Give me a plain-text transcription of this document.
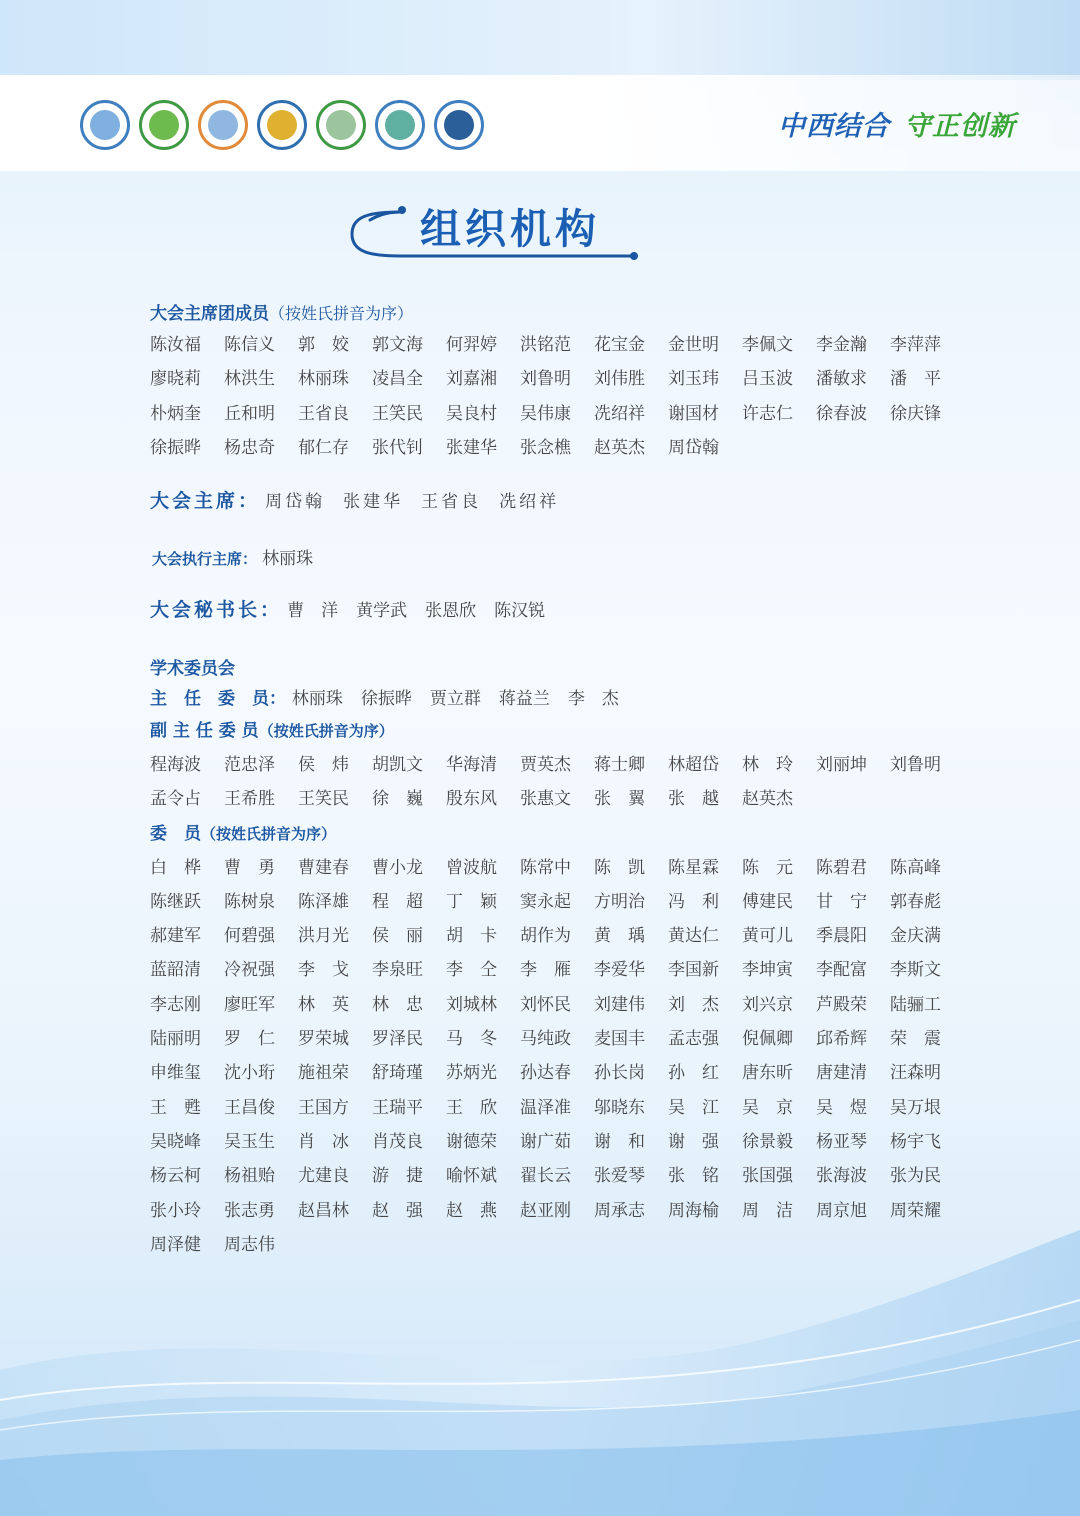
中西结合 守正创新
组织机构

大会主席团成员（按姓氏拼音为序）

陈汝福	陈信义	郭　姣	郭文海	何羿婷	洪铭范	花宝金	金世明	李佩文	李金瀚	李萍萍
廖晓莉	林洪生	林丽珠	凌昌全	刘嘉湘	刘鲁明	刘伟胜	刘玉玮	吕玉波	潘敏求	潘　平
朴炳奎	丘和明	王省良	王笑民	吴良村	吴伟康	冼绍祥	谢国材	许志仁	徐春波	徐庆锋
徐振晔	杨忠奇	郁仁存	张代钊	张建华	张念樵	赵英杰	周岱翰
大会主席： 周岱翰 张建华 王省良 冼绍祥
大会执行主席： 林丽珠
大会秘书长： 曹　洋 黄学武 张恩欣 陈汉锐

学术委员会

主　任　委　员： 林丽珠 徐振晔 贾立群 蒋益兰 李　杰

副 主 任 委 员（按姓氏拼音为序）

程海波	范忠泽	侯　炜	胡凯文	华海清	贾英杰	蒋士卿	林超岱	林　玲	刘丽坤	刘鲁明
孟令占	王希胜	王笑民	徐　巍	殷东风	张惠文	张　翼	张　越	赵英杰

委　员（按姓氏拼音为序）

白　桦	曹　勇	曹建春	曹小龙	曾波航	陈常中	陈　凯	陈星霖	陈　元	陈碧君	陈高峰
陈继跃	陈树泉	陈泽雄	程　超	丁　颖	窦永起	方明治	冯　利	傅建民	甘　宁	郭春彪
郝建军	何碧强	洪月光	侯　丽	胡　卡	胡作为	黄　瑀	黄达仁	黄可儿	季晨阳	金庆满
蓝韶清	冷祝强	李　戈	李泉旺	李　仝	李　雁	李爱华	李国新	李坤寅	李配富	李斯文
李志刚	廖旺军	林　英	林　忠	刘城林	刘怀民	刘建伟	刘　杰	刘兴京	芦殿荣	陆骊工
陆丽明	罗　仁	罗荣城	罗泽民	马　冬	马纯政	麦国丰	孟志强	倪佩卿	邱希辉	荣　震
申维玺	沈小珩	施祖荣	舒琦瑾	苏炳光	孙达春	孙长岗	孙　红	唐东昕	唐建清	汪森明
王　甦	王昌俊	王国方	王瑞平	王　欣	温泽准	邬晓东	吴　江	吴　京	吴　煜	吴万垠
吴晓峰	吴玉生	肖　冰	肖茂良	谢德荣	谢广茹	谢　和	谢　强	徐景毅	杨亚琴	杨宇飞
杨云柯	杨祖贻	尤建良	游　捷	喻怀斌	翟长云	张爱琴	张　铭	张国强	张海波	张为民
张小玲	张志勇	赵昌林	赵　强	赵　燕	赵亚刚	周承志	周海榆	周　洁	周京旭	周荣耀
周泽健	周志伟
